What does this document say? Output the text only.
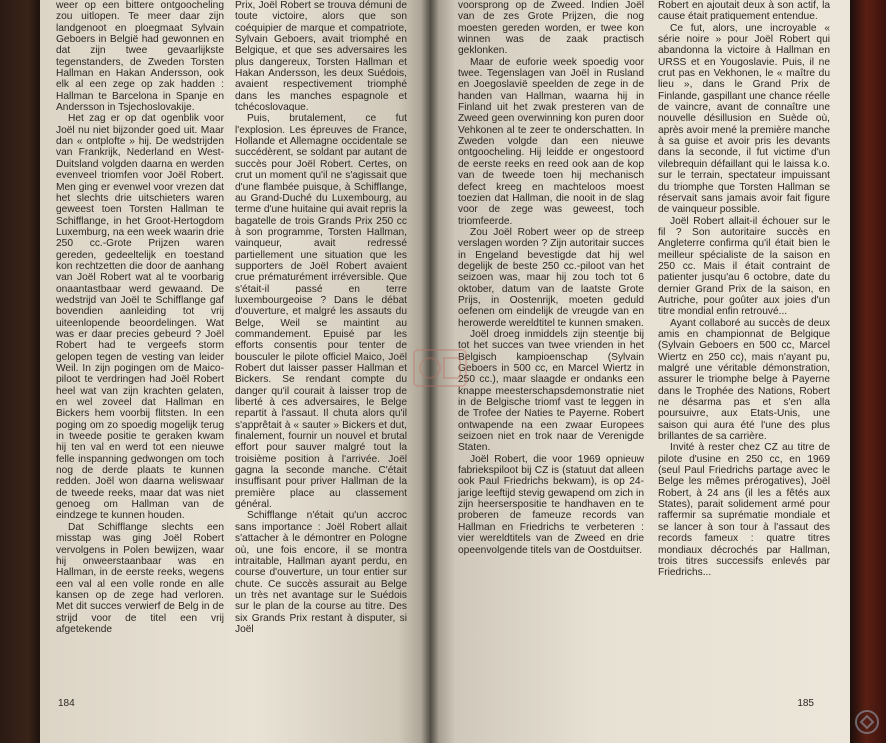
weer op een bittere ontgoocheling zou uitlopen. Te meer daar zijn landgenoot en ploegmaat Sylvain Geboers in België had gewonnen en dat zijn twee gevaarlijkste tegenstanders, de Zweden Torsten Hallman en Hakan Andersson, ook elk al een zege op zak hadden : Hallman te Barcelona in Spanje en Andersson in Tsjechoslovakije.

Het zag er op dat ogenblik voor Joël nu niet bijzonder goed uit. Maar dan « ontplofte » hij. De wedstrijden van Frankrijk, Nederland en West-Duitsland volgden daarna en werden evenveel triomfen voor Joël Robert. Men ging er evenwel voor vrezen dat het slechts drie uitschieters waren geweest toen Torsten Hallman te Schifflange, in het Groot-Hertogdom Luxemburg, na een week waarin drie 250 cc.-Grote Prijzen waren gereden, gedeeltelijk en toestand kon rechtzetten die door de aanhang van Joël Robert wat al te voorbarig onaantastbaar werd gewaand. De wedstrijd van Joël te Schifflange gaf bovendien aanleiding tot vrij uiteenlopende beoordelingen. Wat was er daar precies gebeurd ? Joël Robert had te vergeefs storm gelopen tegen de vesting van leider Weil. In zijn pogingen om de Maico-piloot te verdringen had Joël Robert heel wat van zijn krachten gelaten, en wel zoveel dat Hallman en Bickers hem voorbij flitsten. In een poging om zo spoedig mogelijk terug in tweede positie te geraken kwam hij ten val en werd tot een nieuwe felle inspanning gedwongen om toch nog de derde plaats te kunnen redden. Joël won daarna weliswaar de tweede reeks, maar dat was niet genoeg om Hallman van de eindzege te kunnen houden.

Dat Schifflange slechts een misstap was ging Joël Robert vervolgens in Polen bewijzen, waar hij onweerstaanbaar was en Hallman, in de eerste reeks, wegens een val al een volle ronde en alle kansen op de zege had verloren. Met dit succes verwierf de Belg in de strijd voor de titel een vrij afgetekende

Prix, Joël Robert se trouva démuni de toute victoire, alors que son coéquipier de marque et compatriote, Sylvain Geboers, avait triomphé en Belgique, et que ses adversaires les plus dangereux, Torsten Hallman et Hakan Andersson, les deux Suédois, avaient respectivement triomphé dans les manches espagnole et tchécoslovaque.

Puis, brutalement, ce fut l'explosion. Les épreuves de France, Hollande et Allemagne occidentale se succédèrent, se soldant par autant de succès pour Joël Robert. Certes, on crut un moment qu'il ne s'agissait que d'une flambée puisque, à Schifflange, au Grand-Duché du Luxembourg, au terme d'une huitaine qui avait repris la bagatelle de trois Grands Prix 250 cc à son programme, Torsten Hallman, vainqueur, avait redressé partiellement une situation que les supporters de Joël Robert avaient crue prématurément irréversible. Que s'était-il passé en terre luxembourgeoise ? Dans le débat d'ouverture, et malgré les assauts du Belge, Weil se maintint au commandement. Epuisé par les efforts consentis pour tenter de bousculer le pilote officiel Maico, Joël Robert dut laisser passer Hallman et Bickers. Se rendant compte du danger qu'il courait à laisser trop de liberté à ces adversaires, le Belge repartit à l'assaut. Il chuta alors qu'il s'apprêtait à « sauter » Bickers et dut, finalement, fournir un nouvel et brutal effort pour sauver malgré tout la troisième position à l'arrivée. Joël gagna la seconde manche. C'était insuffisant pour priver Hallman de la première place au classement général.

Schifflange n'était qu'un accroc sans importance : Joël Robert allait s'attacher à le démontrer en Pologne où, une fois encore, il se montra intraitable, Hallman ayant perdu, en course d'ouverture, un tour entier sur chute. Ce succès assurait au Belge un très net avantage sur le Suédois sur le plan de la course au titre. Des six Grands Prix restant à disputer, si Joël

184

voorsprong op de Zweed. Indien Joël van de zes Grote Prijzen, die nog moesten gereden worden, er twee kon winnen was de zaak practisch geklonken.

Maar de euforie week spoedig voor twee. Tegenslagen van Joël in Rusland en Joegoslavië speelden de zege in de handen van Hallman, waarna hij in Finland uit het zwak presteren van de Zweed geen overwinning kon puren door Vehkonen al te zeer te onderschatten. In Zweden volgde dan een nieuwe ontgoocheling. Hij leidde er ongestoord de eerste reeks en reed ook aan de kop van de tweede toen hij mechanisch defect kreeg en machteloos moest toezien dat Hallman, die nooit in de slag voor de zege was geweest, toch triomfeerde.

Zou Joël Robert weer op de streep verslagen worden ? Zijn autoritair succes in Engeland bevestigde dat hij wel degelijk de beste 250 cc.-piloot van het seizoen was, maar hij zou toch tot 6 oktober, datum van de laatste Grote Prijs, in Oostenrijk, moeten geduld oefenen om eindelijk de vreugde van en herowerde wereldtitel te kunnen smaken.

Joël droeg inmiddels zijn steentje bij tot het succes van twee vrienden in het Belgisch kampioenschap (Sylvain Geboers in 500 cc, en Marcel Wiertz in 250 cc.), maar slaagde er ondanks een knappe meesterschapsdemonstratie niet in de Belgische triomf vast te leggen in de Trofee der Naties te Payerne. Robert ontwapende na een zwaar Europees seizoen niet en trok naar de Verenigde Staten.

Joël Robert, die voor 1969 opnieuw fabriekspiloot bij CZ is (statuut dat alleen ook Paul Friedrichs bekwam), is op 24-jarige leeftijd stevig gewapend om zich in zijn heerserspositie te handhaven en te proberen de fameuze records van Hallman en Friedrichs te verbeteren : vier wereldtitels van de Zweed en drie opeenvolgende titels van de Oostduitser.

Robert en ajoutait deux à son actif, la cause était pratiquement entendue.

Ce fut, alors, une incroyable « série noire » pour Joël Robert qui abandonna la victoire à Hallman en URSS et en Yougoslavie. Puis, il ne crut pas en Vekhonen, le « maître du lieu », dans le Grand Prix de Finlande, gaspillant une chance réelle de vaincre, avant de connaître une nouvelle désillusion en Suède où, après avoir mené la première manche à sa guise et avoir pris les devants dans la seconde, il fut victime d'un vilebrequin défaillant qui le laissa k.o. sur le terrain, spectateur impuissant du triomphe que Torsten Hallman se réservait sans jamais avoir fait figure de vainqueur possible.

Joël Robert allait-il échouer sur le fil ? Son autoritaire succès en Angleterre confirma qu'il était bien le meilleur spécialiste de la saison en 250 cc. Mais il était contraint de patienter jusqu'au 6 octobre, date du dernier Grand Prix de la saison, en Autriche, pour goûter aux joies d'un titre mondial enfin retrouvé...

Ayant collaboré au succès de deux amis en championnat de Belgique (Sylvain Geboers en 500 cc, Marcel Wiertz en 250 cc), mais n'ayant pu, malgré une véritable démonstration, assurer le triomphe belge à Payerne dans le Trophée des Nations, Robert ne désarma pas et s'en alla poursuivre, aux Etats-Unis, une saison qui aura été l'une des plus brillantes de sa carrière.

Invité à rester chez CZ au titre de pilote d'usine en 250 cc, en 1969 (seul Paul Friedrichs partage avec le Belge les mêmes prérogatives), Joël Robert, à 24 ans (il les a fêtés aux States), parait solidement armé pour raffermir sa suprématie mondiale et se lancer à son tour à l'assaut des records fameux : quatre titres mondiaux décrochés par Hallman, trois titres successifs enlevés par Friedrichs...

185
